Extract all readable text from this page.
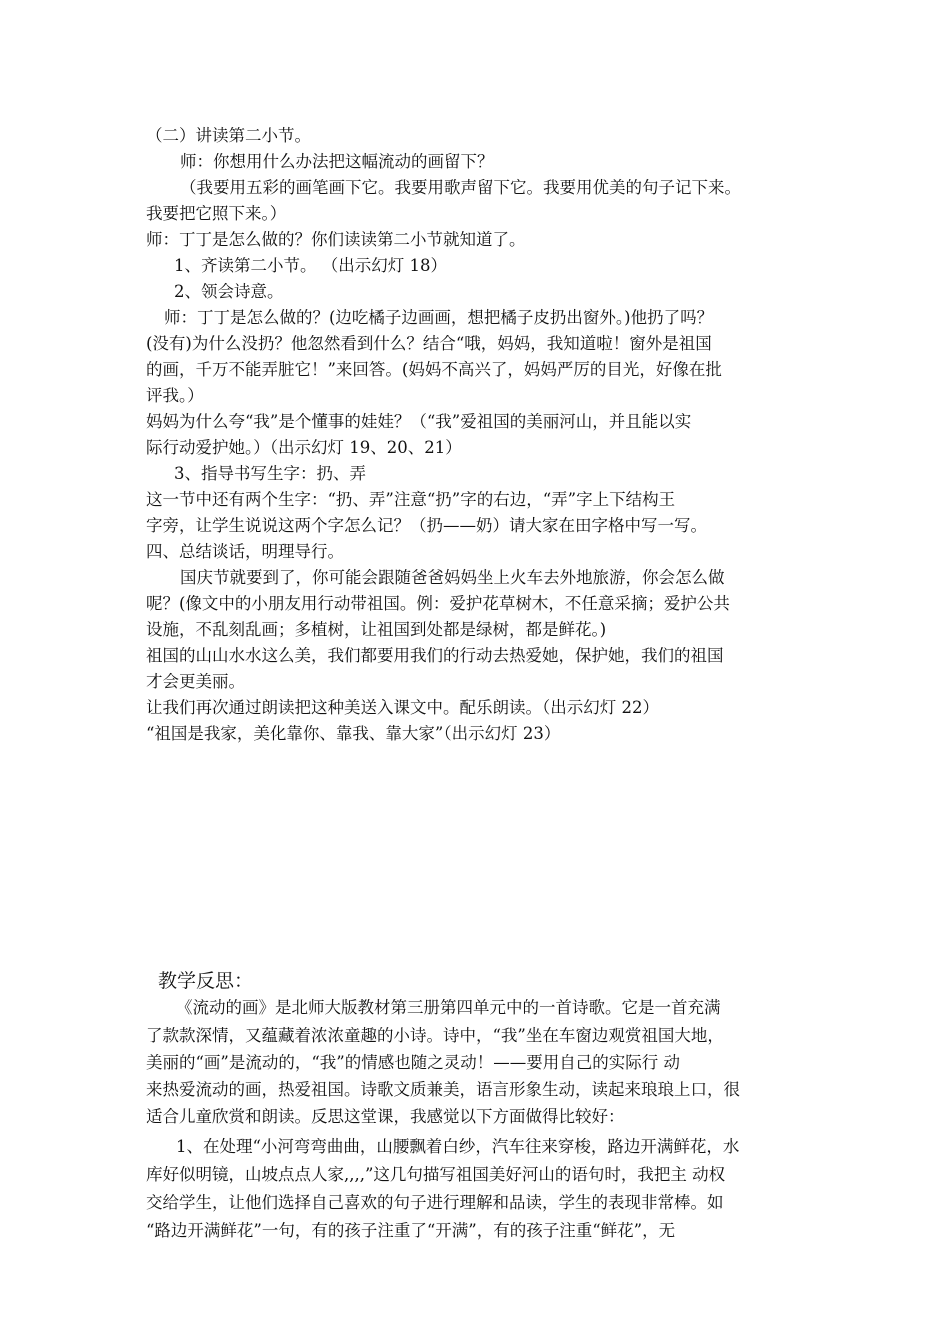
（二）讲读第二小节。

师：你想用什么办法把这幅流动的画留下？

（我要用五彩的画笔画下它。我要用歌声留下它。我要用优美的句子记下来。

我要把它照下来。）

师：丁丁是怎么做的？你们读读第二小节就知道了。

1、齐读第二小节。 （出示幻灯 18）

2、领会诗意。

师：丁丁是怎么做的？(边吃橘子边画画，想把橘子皮扔出窗外。)他扔了吗？

(没有)为什么没扔？他忽然看到什么？结合“哦，妈妈，我知道啦！窗外是祖国

的画，千万不能弄脏它！”来回答。(妈妈不高兴了，妈妈严厉的目光，好像在批

评我。）

妈妈为什么夸“我”是个懂事的娃娃？（“我”爱祖国的美丽河山，并且能以实

际行动爱护她。）（出示幻灯 19、20、21）

3、指导书写生字：扔、弄

这一节中还有两个生字：“扔、弄”注意“扔”字的右边，“弄”字上下结构王

字旁，让学生说说这两个字怎么记？（扔——奶）请大家在田字格中写一写。

四、总结谈话，明理导行。

国庆节就要到了，你可能会跟随爸爸妈妈坐上火车去外地旅游，你会怎么做

呢？(像文中的小朋友用行动带祖国。例：爱护花草树木，不任意采摘；爱护公共

设施，不乱刻乱画；多植树，让祖国到处都是绿树，都是鲜花。)

祖国的山山水水这么美，我们都要用我们的行动去热爱她，保护她，我们的祖国

才会更美丽。

让我们再次通过朗读把这种美送入课文中。配乐朗读。（出示幻灯 22）

“祖国是我家，美化靠你、靠我、靠大家”（出示幻灯 23）

教学反思：

《流动的画》是北师大版教材第三册第四单元中的一首诗歌。它是一首充满

了款款深情，又蕴藏着浓浓童趣的小诗。诗中，“我”坐在车窗边观赏祖国大地，

美丽的“画”是流动的，“我”的情感也随之灵动！——要用自己的实际行 动

来热爱流动的画，热爱祖国。诗歌文质兼美，语言形象生动，读起来琅琅上口，很

适合儿童欣赏和朗读。反思这堂课，我感觉以下方面做得比较好：

1、在处理“小河弯弯曲曲，山腰飘着白纱，汽车往来穿梭，路边开满鲜花，水

库好似明镜，山坡点点人家,,,,”这几句描写祖国美好河山的语句时，我把主 动权

交给学生，让他们选择自己喜欢的句子进行理解和品读，学生的表现非常棒。如

“路边开满鲜花”一句，有的孩子注重了“开满”，有的孩子注重“鲜花”，无
